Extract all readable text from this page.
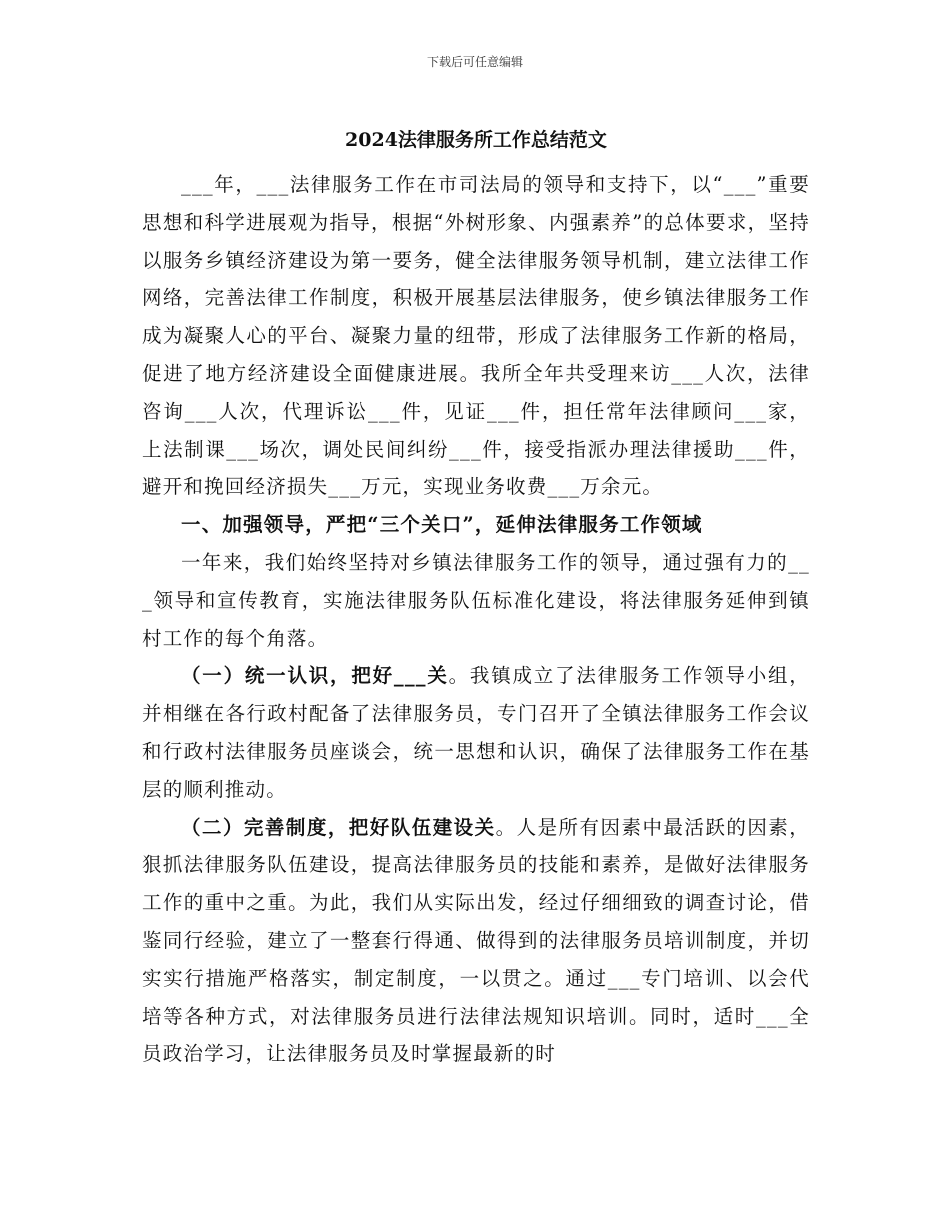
下载后可任意编辑
2024法律服务所工作总结范文

___年，___法律服务工作在市司法局的领导和支持下，以“___”重要思想和科学进展观为指导，根据“外树形象、内强素养”的总体要求，坚持以服务乡镇经济建设为第一要务，健全法律服务领导机制，建立法律工作网络，完善法律工作制度，积极开展基层法律服务，使乡镇法律服务工作成为凝聚人心的平台、凝聚力量的纽带，形成了法律服务工作新的格局，促进了地方经济建设全面健康进展。我所全年共受理来访___人次，法律咨询___人次，代理诉讼___件，见证___件，担任常年法律顾问___家，上法制课___场次，调处民间纠纷___件，接受指派办理法律援助___件，避开和挽回经济损失___万元，实现业务收费___万余元。

一、加强领导，严把“三个关口”，延伸法律服务工作领域

一年来，我们始终坚持对乡镇法律服务工作的领导，通过强有力的___领导和宣传教育，实施法律服务队伍标准化建设，将法律服务延伸到镇村工作的每个角落。

（一）统一认识，把好___关。我镇成立了法律服务工作领导小组，并相继在各行政村配备了法律服务员，专门召开了全镇法律服务工作会议和行政村法律服务员座谈会，统一思想和认识，确保了法律服务工作在基层的顺利推动。

（二）完善制度，把好队伍建设关。人是所有因素中最活跃的因素，狠抓法律服务队伍建设，提高法律服务员的技能和素养，是做好法律服务工作的重中之重。为此，我们从实际出发，经过仔细细致的调查讨论，借鉴同行经验，建立了一整套行得通、做得到的法律服务员培训制度，并切实实行措施严格落实，制定制度，一以贯之。通过___专门培训、以会代培等各种方式，对法律服务员进行法律法规知识培训。同时，适时___全员政治学习，让法律服务员及时掌握最新的时
